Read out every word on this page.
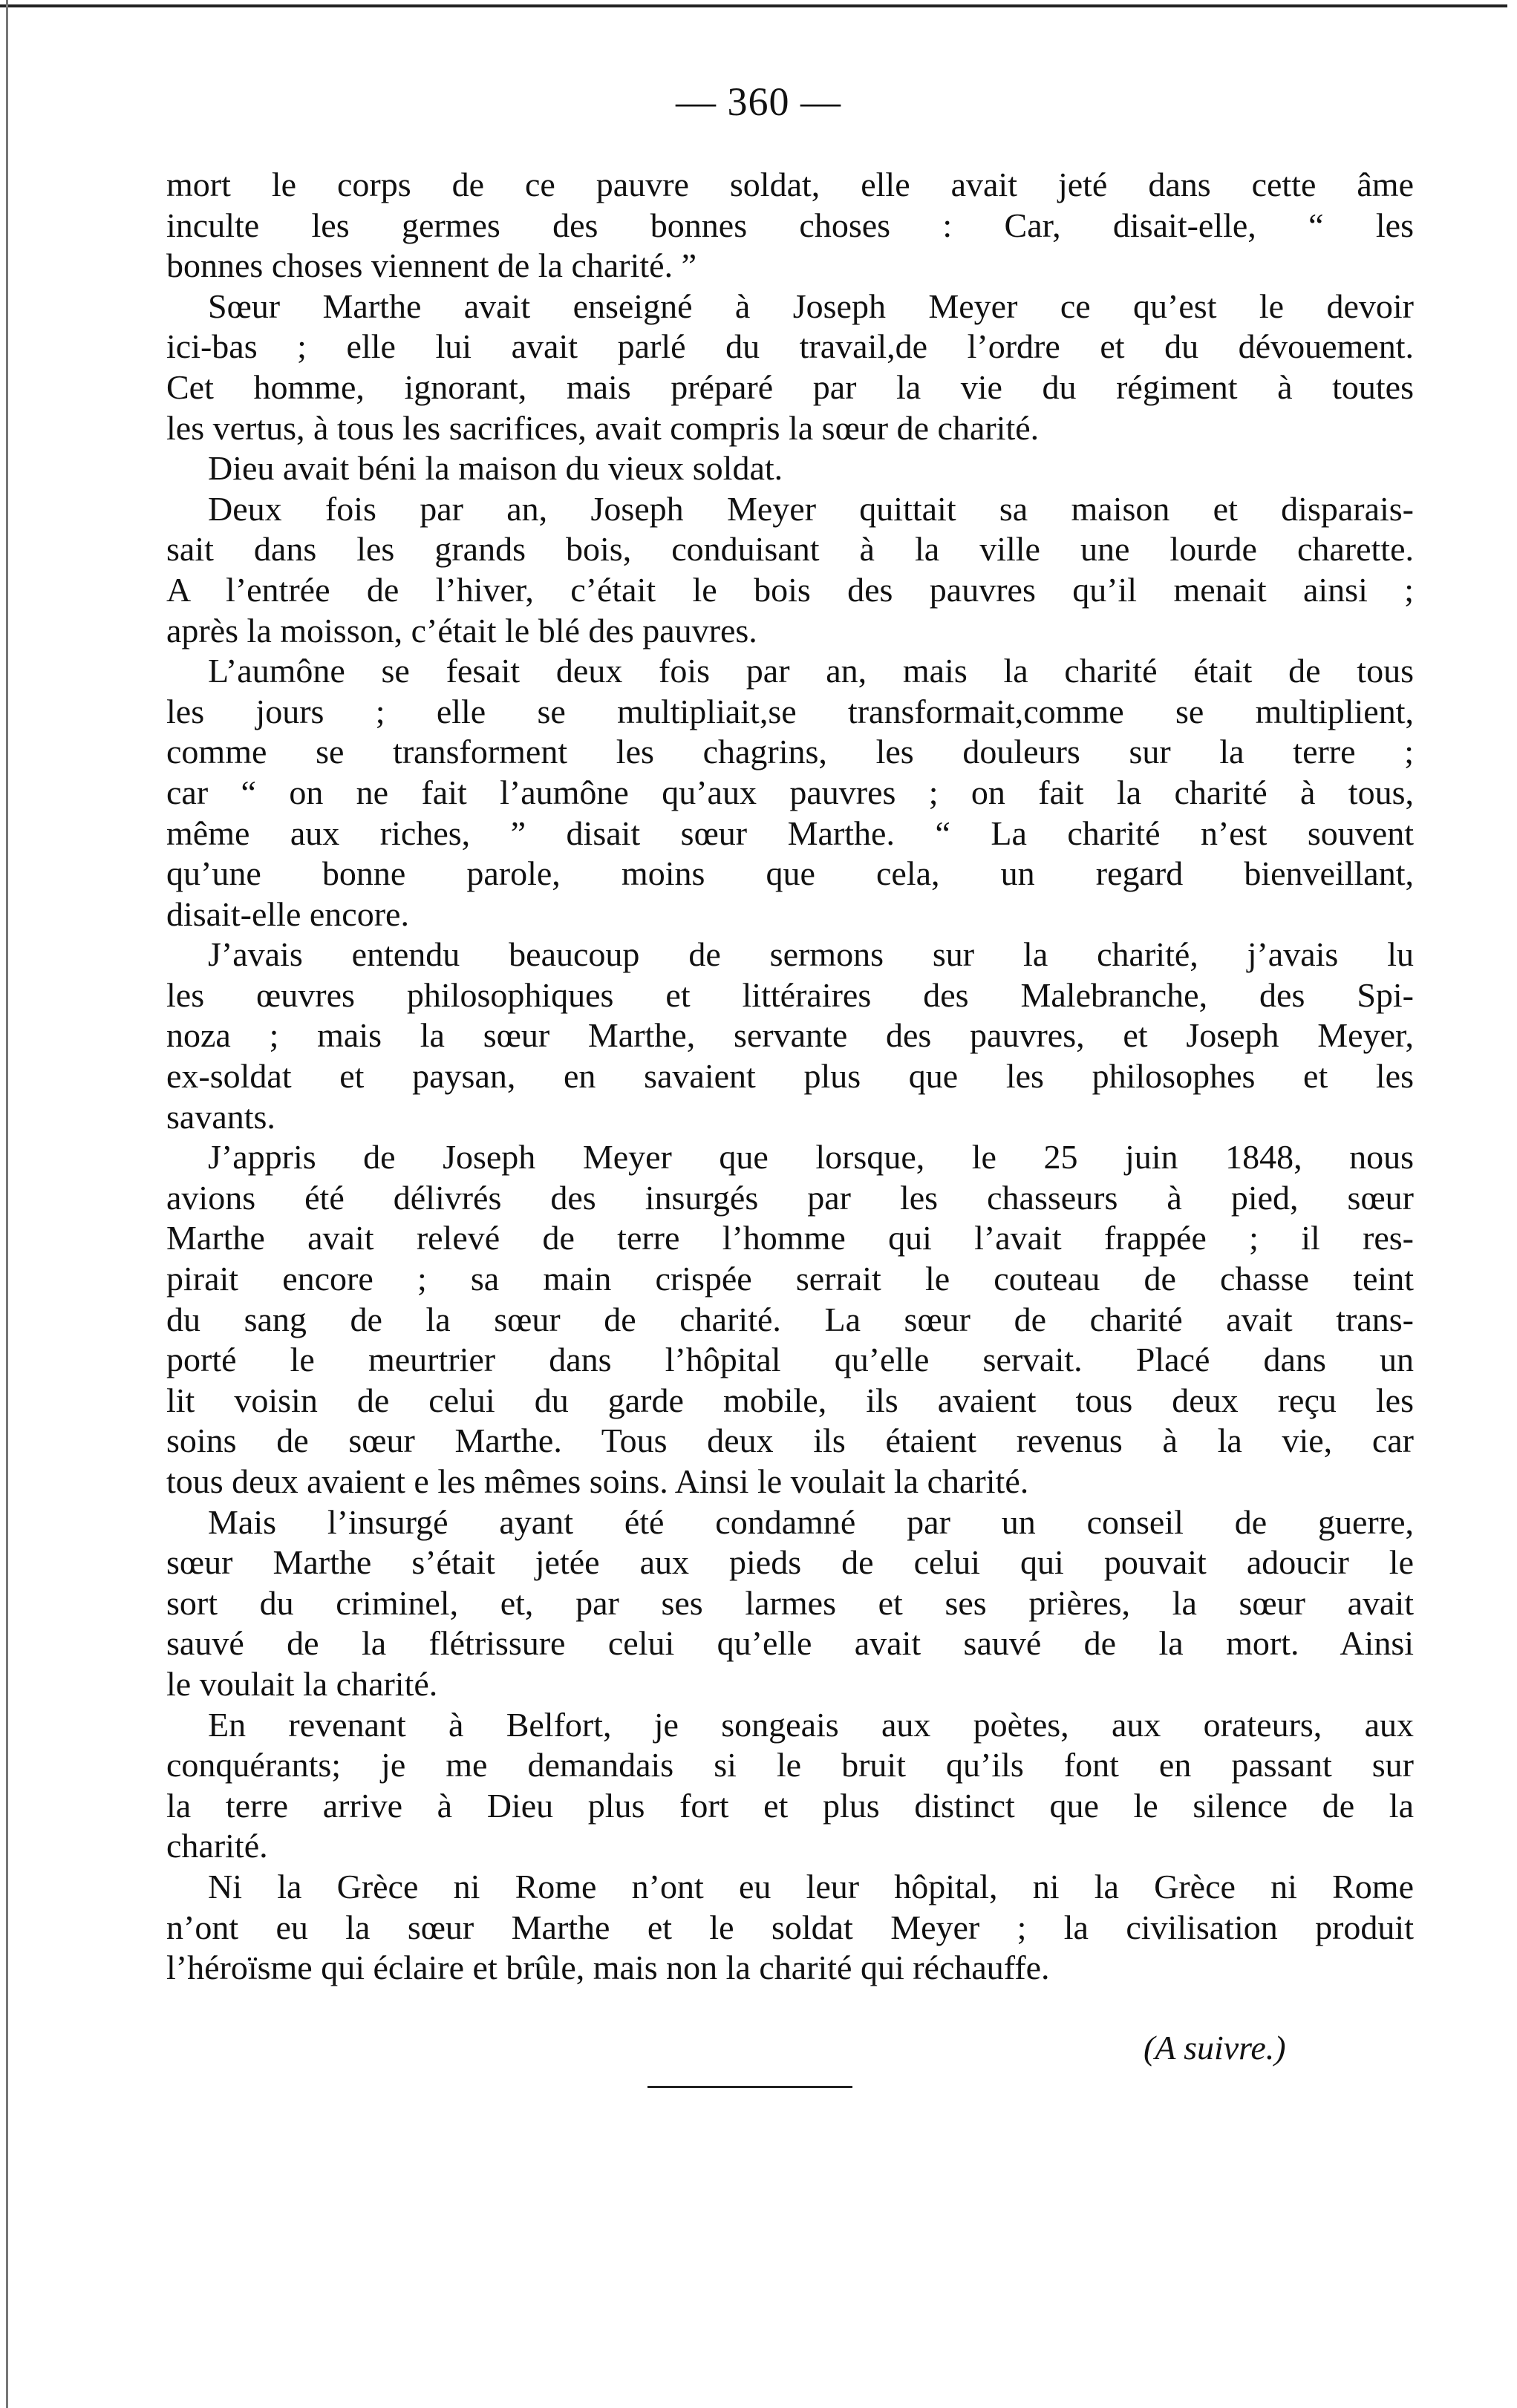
— 360 —
mort le corps de ce pauvre soldat, elle avait jeté dans cette âme
inculte les germes des bonnes choses : Car, disait-elle, “ les
bonnes choses viennent de la charité. ”
Sœur Marthe avait enseigné à Joseph Meyer ce qu’est le devoir
ici-bas ; elle lui avait parlé du travail,de l’ordre et du dévouement.
Cet homme, ignorant, mais préparé par la vie du régiment à toutes
les vertus, à tous les sacrifices, avait compris la sœur de charité.
Dieu avait béni la maison du vieux soldat.
Deux fois par an, Joseph Meyer quittait sa maison et disparais-
sait dans les grands bois, conduisant à la ville une lourde charette.
A l’entrée de l’hiver, c’était le bois des pauvres qu’il menait ainsi ;
après la moisson, c’était le blé des pauvres.
L’aumône se fesait deux fois par an, mais la charité était de tous
les jours ; elle se multipliait,se transformait,comme se multiplient,
comme se transforment les chagrins, les douleurs sur la terre ;
car “ on ne fait l’aumône qu’aux pauvres ; on fait la charité à tous,
même aux riches, ” disait sœur Marthe. “ La charité n’est souvent
qu’une bonne parole, moins que cela, un regard bienveillant,
disait-elle encore.
J’avais entendu beaucoup de sermons sur la charité, j’avais lu
les œuvres philosophiques et littéraires des Malebranche, des Spi-
noza ; mais la sœur Marthe, servante des pauvres, et Joseph Meyer,
ex-soldat et paysan, en savaient plus que les philosophes et les
savants.
J’appris de Joseph Meyer que lorsque, le 25 juin 1848, nous
avions été délivrés des insurgés par les chasseurs à pied, sœur
Marthe avait relevé de terre l’homme qui l’avait frappée ; il res-
pirait encore ; sa main crispée serrait le couteau de chasse teint
du sang de la sœur de charité. La sœur de charité avait trans-
porté le meurtrier dans l’hôpital qu’elle servait. Placé dans un
lit voisin de celui du garde mobile, ils avaient tous deux reçu les
soins de sœur Marthe. Tous deux ils étaient revenus à la vie, car
tous deux avaient e les mêmes soins. Ainsi le voulait la charité.
Mais l’insurgé ayant été condamné par un conseil de guerre,
sœur Marthe s’était jetée aux pieds de celui qui pouvait adoucir le
sort du criminel, et, par ses larmes et ses prières, la sœur avait
sauvé de la flétrissure celui qu’elle avait sauvé de la mort. Ainsi
le voulait la charité.
En revenant à Belfort, je songeais aux poètes, aux orateurs, aux
conquérants; je me demandais si le bruit qu’ils font en passant sur
la terre arrive à Dieu plus fort et plus distinct que le silence de la
charité.
Ni la Grèce ni Rome n’ont eu leur hôpital, ni la Grèce ni Rome
n’ont eu la sœur Marthe et le soldat Meyer ; la civilisation produit
l’héroïsme qui éclaire et brûle, mais non la charité qui réchauffe.
(A suivre.)
